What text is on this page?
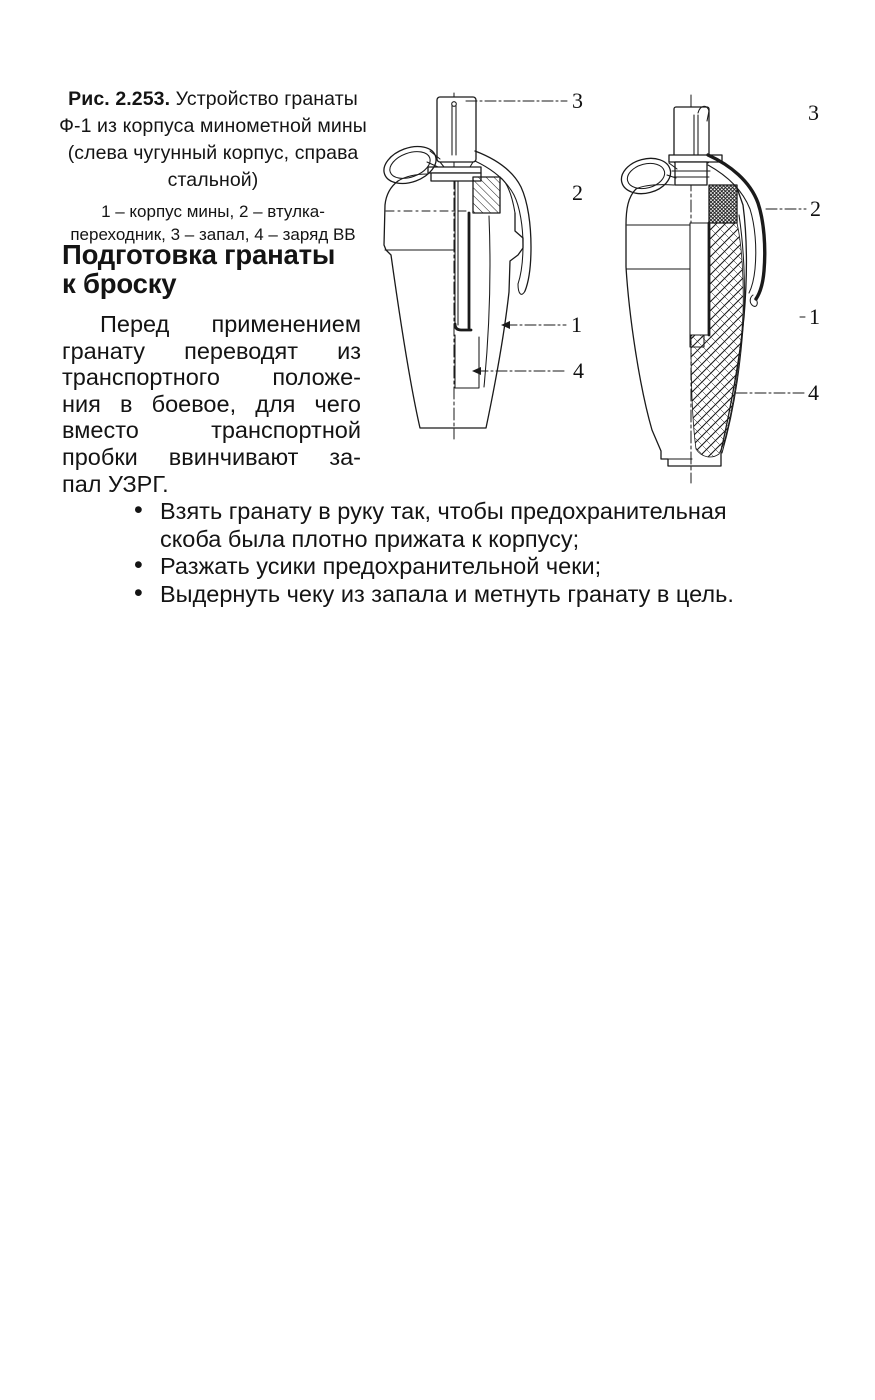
Рис. 2.253. Устройство гранаты Ф-1 из корпуса минометной мины (слева чугунный корпус, справа стальной)

1 – корпус мины, 2 – втулка-переходник, 3 – запал, 4 – заряд ВВ

3
2
1
4
3
2
1
4
Подготовка гранаты
к броску
Перед применением
гранату переводят из
транспортного положе-
ния в боевое, для чего
вместо транспортной
пробки ввинчивают за-
пал УЗРГ.
• Взять гранату в руку так, чтобы предохранительная скоба была плотно прижата к корпусу;
• Разжать усики предохранительной чеки;
• Выдернуть чеку из запала и метнуть гранату в цель.
